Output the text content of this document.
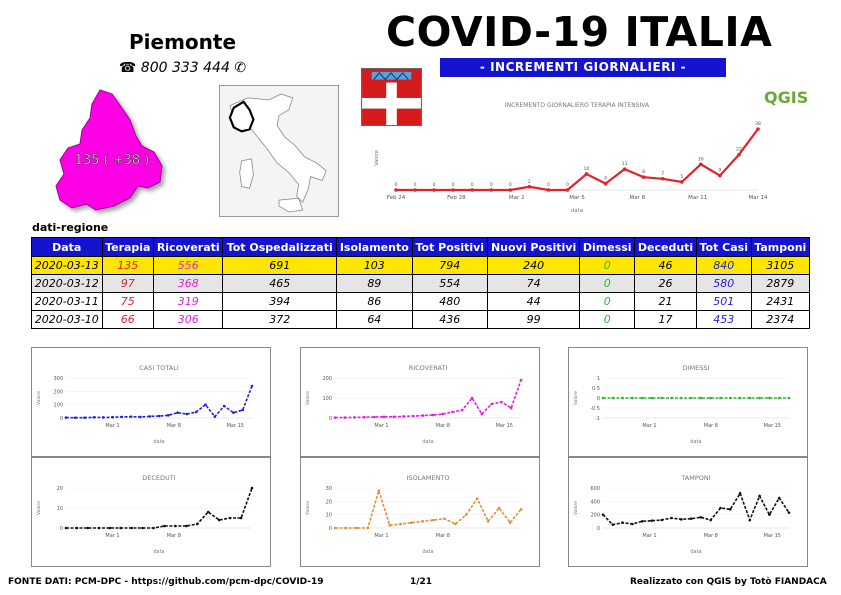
Piemonte
☎ 800 333 444 ✆
COVID-19 ITALIA
- INCREMENTI GIORNALIERI -
QGIS
135 ( +38 )
INCREMENTO GIORNALIERO TERAPIA INTENSIVA
Valore
Feb 24	Feb 28	Mar 2	Mar 5	Mar 8	Mar 11	Mar 14
data
0	0	0	0	0	0	0
2
0	0
10
4
13
8	7
5
16
9
22
38
dati-regione
Data	Terapia	Ricoverati	Tot Ospedalizzati	Isolamento	Tot Positivi	Nuovi Positivi	Dimessi	Deceduti	Tot Casi	Tamponi
2020-03-13	135	556	691	103	794	240	0	46	840	3105
2020-03-12	97	368	465	89	554	74	0	26	580	2879
2020-03-11	75	319	394	86	480	44	0	21	501	2431
2020-03-10	66	306	372	64	436	99	0	17	453	2374
CASI TOTALI
0
100
200
300
Valore
Mar 1	Mar 8	Mar 15
data
DECEDUTI
0
10
20
Valore
Mar 1	Mar 8
data
RICOVERATI
0
100
200
Valore
Mar 1	Mar 8	Mar 15
data
ISOLAMENTO
0
10
20
30
Valore
Mar 1	Mar 8
data
DIMESSI
-1
-0.5
0
0.5
1
Valore
Mar 1	Mar 8	Mar 15
data
TAMPONI
0
200
400
600
Valore
Mar 1	Mar 8	Mar 15
data
FONTE DATI: PCM-DPC - https://github.com/pcm-dpc/COVID-19	1/21	Realizzato con QGIS by Totò FIANDACA
